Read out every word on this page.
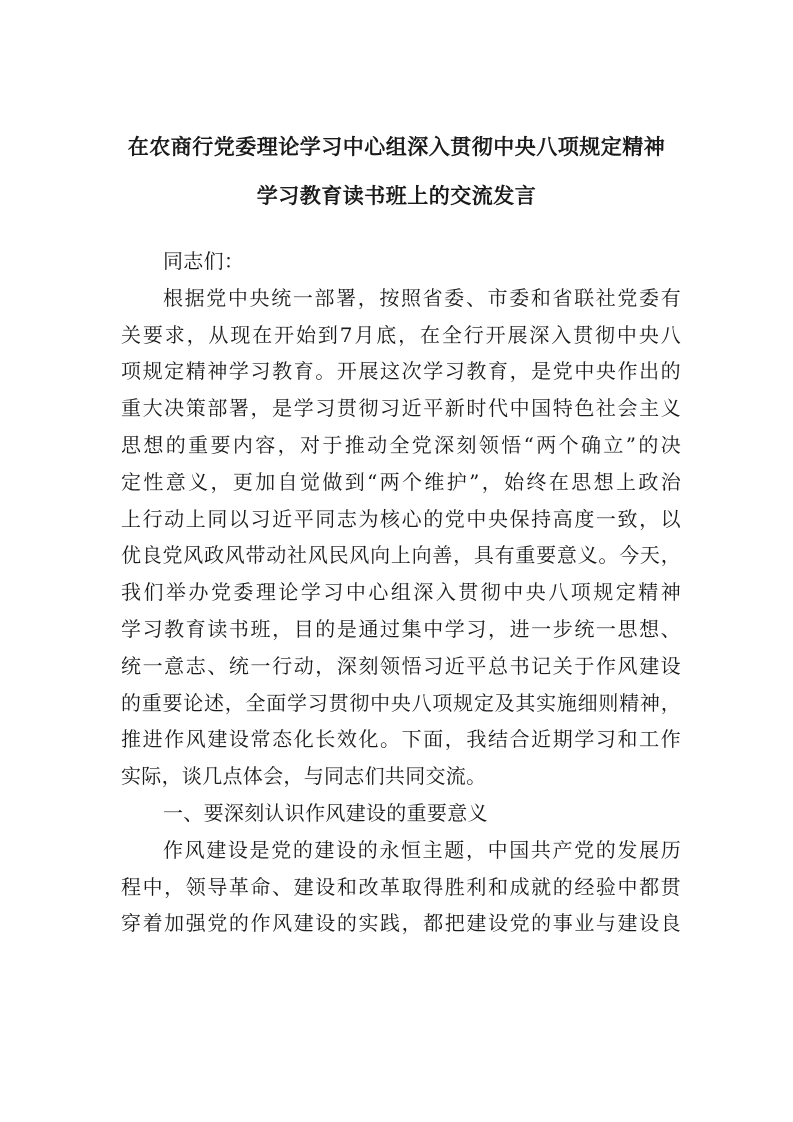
在农商行党委理论学习中心组深入贯彻中央八项规定精神
学习教育读书班上的交流发言
同志们：
根据党中央统一部署，按照省委、市委和省联社党委有
关要求，从现在开始到7月底，在全行开展深入贯彻中央八
项规定精神学习教育。开展这次学习教育，是党中央作出的
重大决策部署，是学习贯彻习近平新时代中国特色社会主义
思想的重要内容，对于推动全党深刻领悟“两个确立”的决
定性意义，更加自觉做到“两个维护”，始终在思想上政治
上行动上同以习近平同志为核心的党中央保持高度一致，以
优良党风政风带动社风民风向上向善，具有重要意义。今天，
我们举办党委理论学习中心组深入贯彻中央八项规定精神
学习教育读书班，目的是通过集中学习，进一步统一思想、
统一意志、统一行动，深刻领悟习近平总书记关于作风建设
的重要论述，全面学习贯彻中央八项规定及其实施细则精神，
推进作风建设常态化长效化。下面，我结合近期学习和工作
实际，谈几点体会，与同志们共同交流。
一、要深刻认识作风建设的重要意义
作风建设是党的建设的永恒主题，中国共产党的发展历
程中，领导革命、建设和改革取得胜利和成就的经验中都贯
穿着加强党的作风建设的实践，都把建设党的事业与建设良
